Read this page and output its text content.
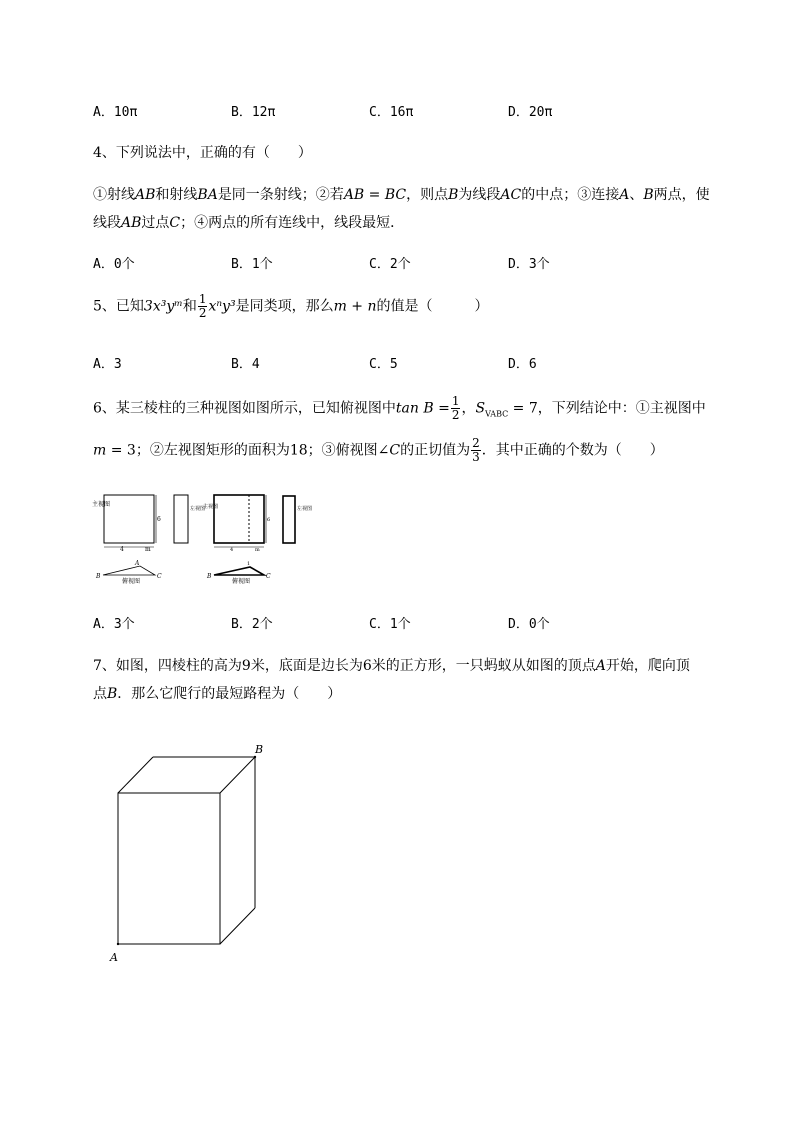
A．10π	B．12π	C．16π	D．20π
4、下列说法中，正确的有（　　）
①射线AB和射线BA是同一条射线；②若AB = BC，则点B为线段AC的中点；③连接A、B两点，使
线段AB过点C；④两点的所有连线中，线段最短．
A．0个	B．1个	C．2个	D．3个
5、已知3x³yᵐ和 $\frac{1}{2} x^ny^3$是同类项，那么m + n的值是（　　　）
A．3	B．4	C．5	D．6
6、某三棱柱的三种视图如图所示，已知俯视图中$\tan B = \frac{1}{2}$ ，$S_{VABC} = 7$，下列结论中：①主视图中
m = 3；②左视图矩形的面积为18；③俯视图∠C的正切值为 $\frac{2}{3}$ ．其中正确的个数为（　　）
主视图
6
4	m
左视图
A
B	C
俯视图
主视图
6
4	m
左视图
1
B	C
俯视图
A．3个	B．2个	C．1个	D．0个
7、如图，四棱柱的高为9米，底面是边长为6米的正方形，一只蚂蚁从如图的顶点A开始，爬向顶
点B．那么它爬行的最短路程为（　　）
A
B
